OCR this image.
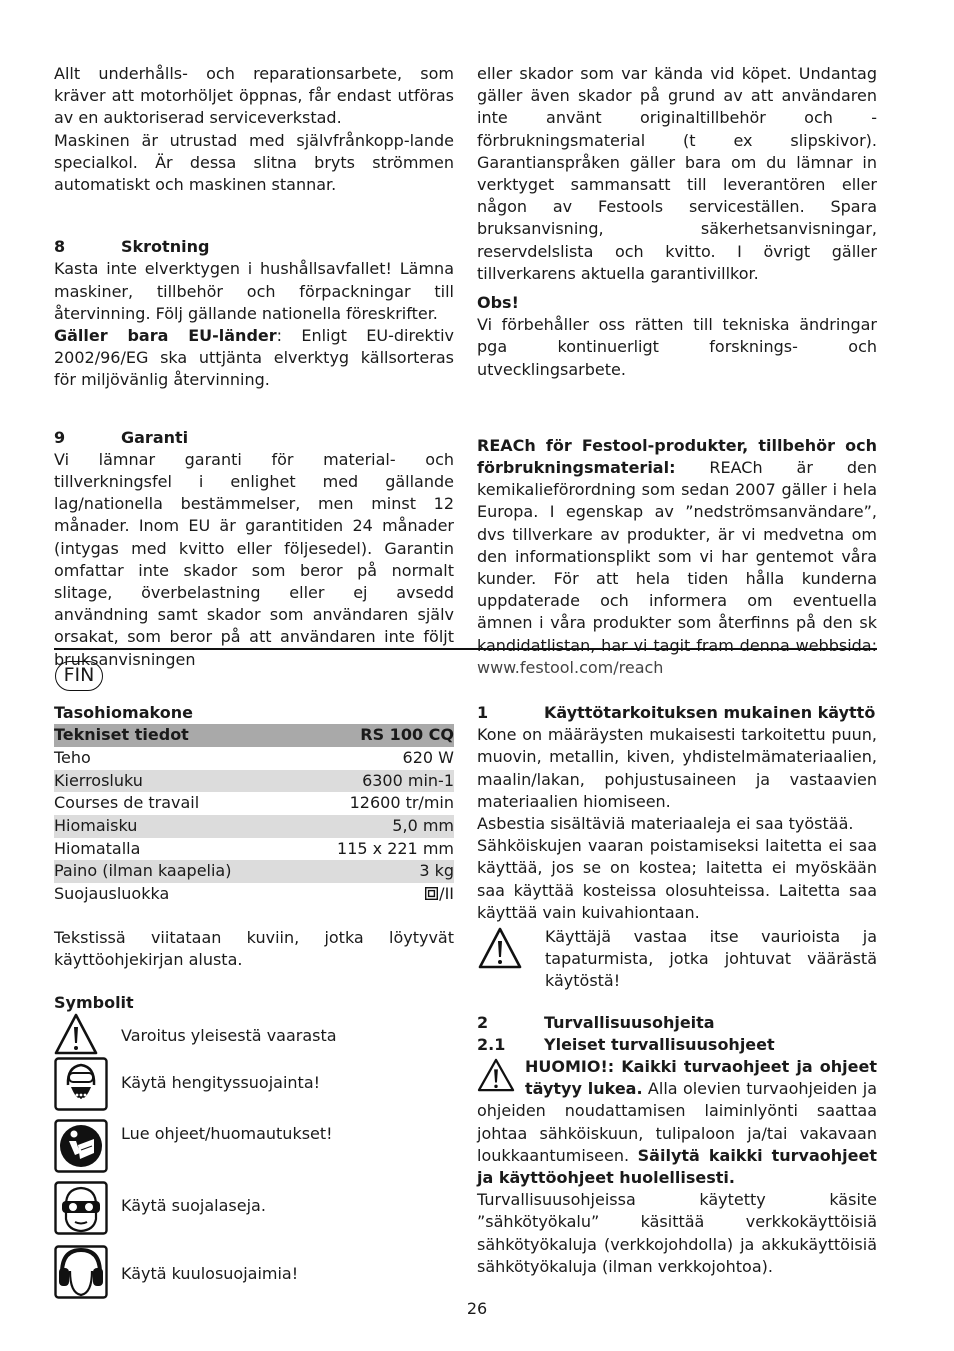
Allt underhålls- och reparationsarbete, som kräver att motorhöljet öppnas, får endast utföras av en auktoriserad serviceverkstad.

Maskinen är utrustad med självfrånkopp-lande specialkol. Är dessa slitna bryts strömmen automatiskt och maskinen stannar.

8	Skrotning

Kasta inte elverktygen i hushållsavfallet! Lämna maskiner, tillbehör och förpackningar till återvinning. Följ gällande nationella föreskrifter.

Gäller bara EU-länder: Enligt EU-direktiv 2002/96/EG ska uttjänta elverktyg källsorteras för miljövänlig återvinning.

9	Garanti

Vi lämnar garanti för material- och tillverkningsfel i enlighet med gällande lag/nationella bestämmelser, men minst 12 månader. Inom EU är garantitiden 24 månader (intygas med kvitto eller följesedel). Garantin omfattar inte skador som beror på normalt slitage, överbelastning eller ej avsedd användning samt skador som användaren själv orsakat, som beror på att användaren inte följt bruksanvisningen

eller skador som var kända vid köpet. Undantag gäller även skador på grund av att användaren inte använt originaltillbehör och -förbrukningsmaterial (t ex slipskivor). Garantianspråken gäller bara om du lämnar in verktyget sammansatt till leverantören eller någon av Festools serviceställen. Spara bruksanvisning, säkerhetsanvisningar, reservdelslista och kvitto. I övrigt gäller tillverkarens aktuella garantivillkor.

Obs!

Vi förbehåller oss rätten till tekniska ändringar pga kontinuerligt forsknings- och utvecklingsarbete.

REACh för Festool-produkter, tillbehör och förbrukningsmaterial: REACh är den kemikalieförordning som sedan 2007 gäller i hela Europa. I egenskap av ”nedströmsanvändare”, dvs tillverkare av produkter, är vi medvetna om den informationsplikt som vi har gentemot våra kunder. För att hela tiden hålla kunderna uppdaterade och informera om eventuella ämnen i våra produkter som återfinns på den sk kandidatlistan, har vi tagit fram denna webbsida: www.festool.com/reach

FIN
Tasohiomakone
Tekniset tiedot	RS 100 CQ
Teho	620 W
Kierrosluku	6300 min-1
Courses de travail	12600 tr/min
Hiomaisku	5,0 mm
Hiomatalla	115 x 221 mm
Paino (ilman kaapelia)	3 kg
Suojausluokka	/II

Tekstissä viitataan kuviin, jotka löytyvät käyttöohjekirjan alusta.

Symbolit
Varoitus yleisestä vaarasta
Käytä hengityssuojainta!
Lue ohjeet/huomautukset!
Käytä suojalaseja.
Käytä kuulosuojaimia!
1	Käyttötarkoituksen mukainen käyttö

Kone on määräysten mukaisesti tarkoitettu puun, muovin, metallin, kiven, yhdistelmämateriaalien, maalin/lakan, pohjustusaineen ja vastaavien materiaalien hiomiseen.

Asbestia sisältäviä materiaaleja ei saa työstää.

Sähköiskujen vaaran poistamiseksi laitetta ei saa käyttää, jos se on kostea; laitetta ei myöskään saa käyttää kosteissa olosuhteissa. Laitetta saa käyttää vain kuivahiontaan.

Käyttäjä vastaa itse vaurioista ja tapaturmista, jotka johtuvat väärästä käytöstä!

2	Turvallisuusohjeita
2.1	Yleiset turvallisuusohjeet

HUOMIO!: Kaikki turvaohjeet ja ohjeet täytyy lukea. Alla olevien turvaohjeiden ja ohjeiden noudattamisen laiminlyönti saattaa johtaa sähköiskuun, tulipaloon ja/tai vakavaan loukkaantumiseen. Säilytä kaikki turvaohjeet ja käyttöohjeet huolellisesti.

Turvallisuusohjeissa käytetty käsite ”sähkötyökalu” käsittää verkkokäyttöisiä sähkötyökaluja (verkkojohdolla) ja akkukäyttöisiä sähkötyökaluja (ilman verkkojohtoa).

26
